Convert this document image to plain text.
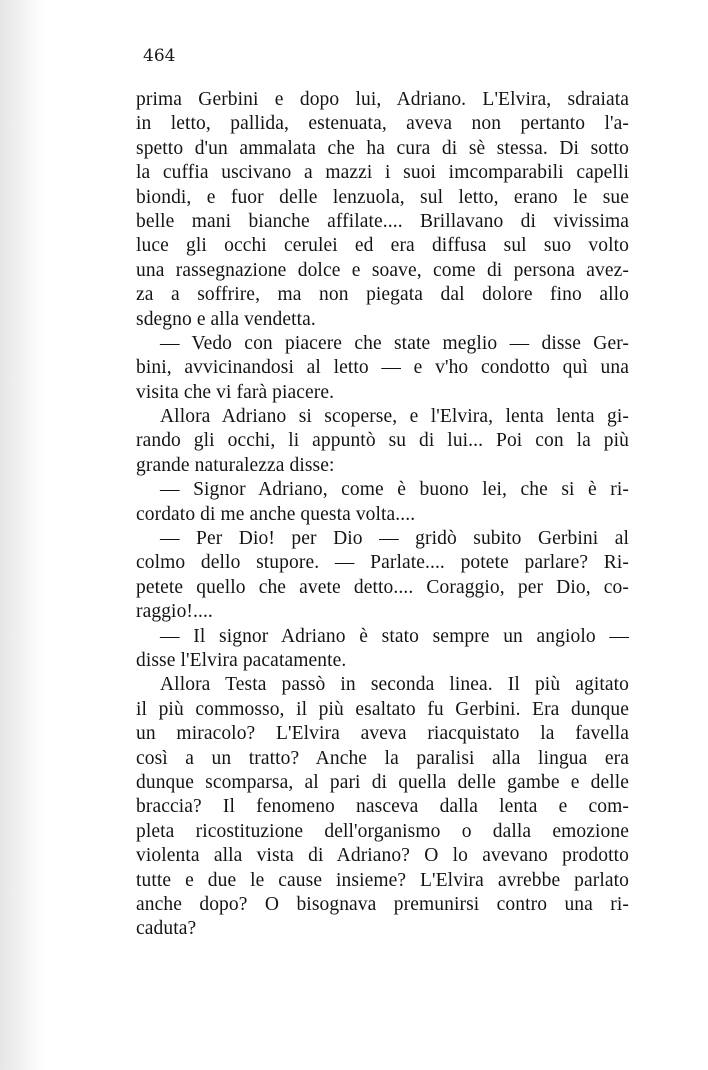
464

prima Gerbini e dopo lui, Adriano. L'Elvira, sdraiata
in letto, pallida, estenuata, aveva non pertanto l'a-
spetto d'un ammalata che ha cura di sè stessa. Di sotto
la cuffia uscivano a mazzi i suoi imcomparabili capelli
biondi, e fuor delle lenzuola, sul letto, erano le sue
belle mani bianche affilate.... Brillavano di vivissima
luce gli occhi cerulei ed era diffusa sul suo volto
una rassegnazione dolce e soave, come di persona avez-
za a soffrire, ma non piegata dal dolore fino allo
sdegno e alla vendetta.
— Vedo con piacere che state meglio — disse Ger-
bini, avvicinandosi al letto — e v'ho condotto quì una
visita che vi farà piacere.
Allora Adriano si scoperse, e l'Elvira, lenta lenta gi-
rando gli occhi, li appuntò su di lui... Poi con la più
grande naturalezza disse:
— Signor Adriano, come è buono lei, che si è ri-
cordato di me anche questa volta....
— Per Dio! per Dio — gridò subito Gerbini al
colmo dello stupore. — Parlate.... potete parlare? Ri-
petete quello che avete detto.... Coraggio, per Dio, co-
raggio!....
— Il signor Adriano è stato sempre un angiolo —
disse l'Elvira pacatamente.
Allora Testa passò in seconda linea. Il più agitato
il più commosso, il più esaltato fu Gerbini. Era dunque
un miracolo? L'Elvira aveva riacquistato la favella
così a un tratto? Anche la paralisi alla lingua era
dunque scomparsa, al pari di quella delle gambe e delle
braccia? Il fenomeno nasceva dalla lenta e com-
pleta ricostituzione dell'organismo o dalla emozione
violenta alla vista di Adriano? O lo avevano prodotto
tutte e due le cause insieme? L'Elvira avrebbe parlato
anche dopo? O bisognava premunirsi contro una ri-
caduta?
